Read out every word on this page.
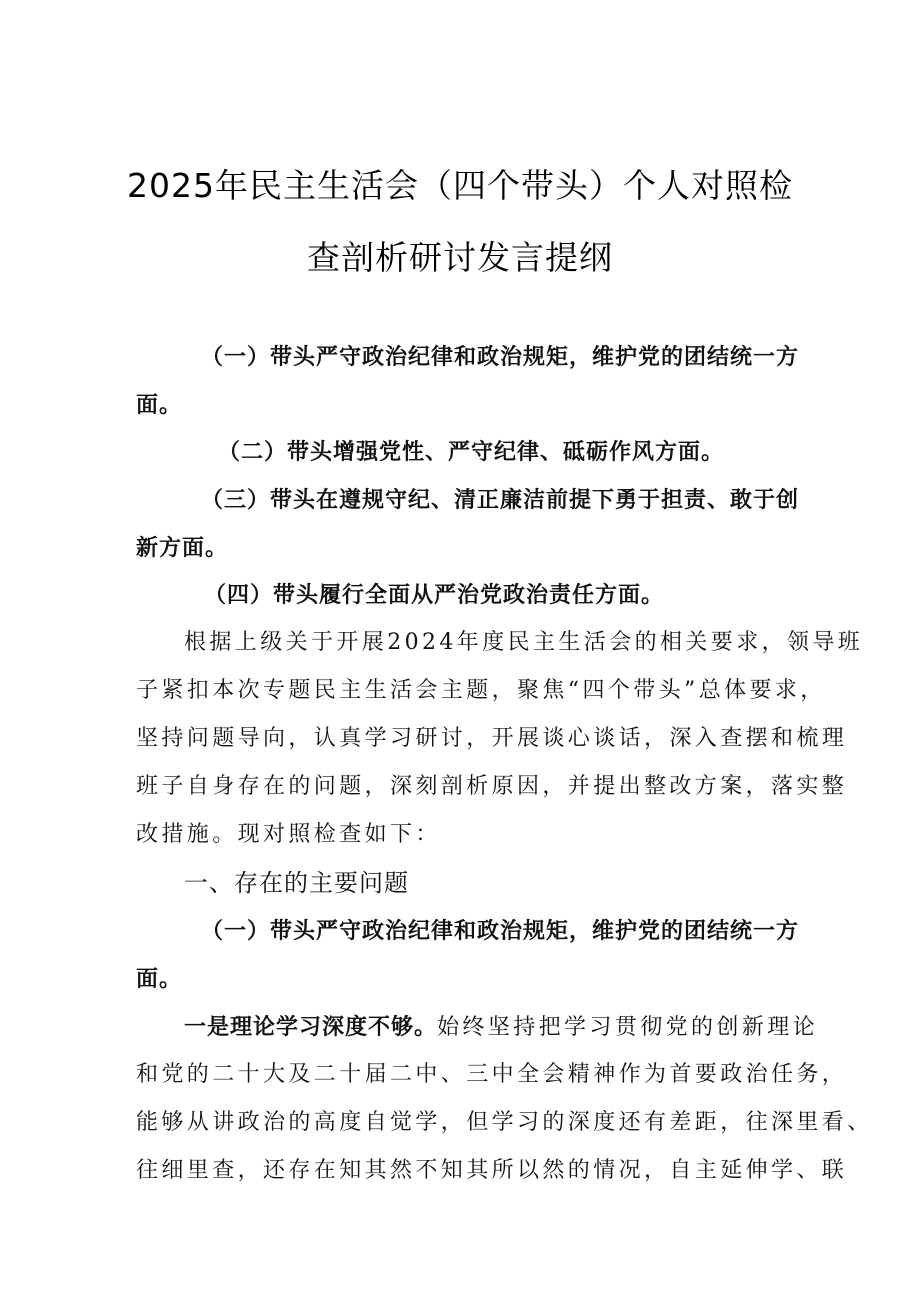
2025年民主生活会（四个带头）个人对照检
查剖析研讨发言提纲
（一）带头严守政治纪律和政治规矩，维护党的团结统一方
面。
（二）带头增强党性、严守纪律、砥砺作风方面。
（三）带头在遵规守纪、清正廉洁前提下勇于担责、敢于创
新方面。
（四）带头履行全面从严治党政治责任方面。
根据上级关于开展2024年度民主生活会的相关要求，领导班
子紧扣本次专题民主生活会主题，聚焦“四个带头”总体要求，
坚持问题导向，认真学习研讨，开展谈心谈话，深入查摆和梳理
班子自身存在的问题，深刻剖析原因，并提出整改方案，落实整
改措施。现对照检查如下：
一、存在的主要问题
（一）带头严守政治纪律和政治规矩，维护党的团结统一方
面。
一是理论学习深度不够。始终坚持把学习贯彻党的创新理论
和党的二十大及二十届二中、三中全会精神作为首要政治任务，
能够从讲政治的高度自觉学，但学习的深度还有差距，往深里看、
往细里查，还存在知其然不知其所以然的情况，自主延伸学、联
